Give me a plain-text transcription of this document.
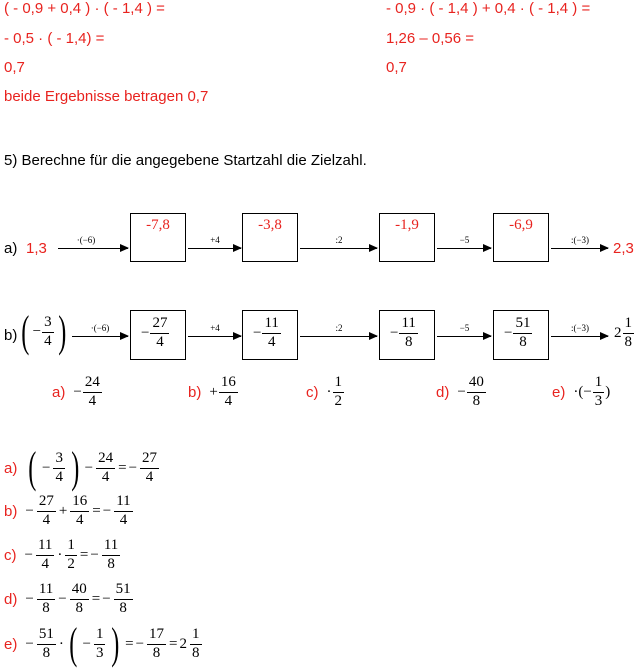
( - 0,9 + 0,4 ) · ( - 1,4 ) =
- 0,5 · ( - 1,4) =
0,7
beide Ergebnisse betragen 0,7
- 0,9 · ( - 1,4 ) + 0,4 · ( - 1,4 ) =
1,26 – 0,56 =
0,7
5) Berechne für die angegebene Startzahl die Zielzahl.
a) 1,3	·(−6)
-7,8
+4
-3,8
:2
-1,9
−5
-6,9
:(−3)	2,3
b) ( − $\frac{3}{4}$ )	·(−6)	− $\frac{27}{4}$	+4	− $\frac{11}{4}$	:2	− $\frac{11}{8}$	−5	− $\frac{51}{8}$	:(−3)	$2 \frac{1}{8}$
$a) - \frac{24}{4}$	$b) + \frac{16}{4}$	$c) \cdot \frac{1}{2}$	$d) - \frac{40}{8}$	e) ·(− $\frac{1}{3}$ )
a) ( − $\frac{3}{4}$ ) − $\frac{24}{4}$ = − $\frac{27}{4}$
$b) - \frac{27}{4} + \frac{16}{4}$ = − $\frac{11}{4}$
$c) - \frac{11}{4} \cdot \frac{1}{2}$ = − $\frac{11}{8}$
$d) - \frac{11}{8} - \frac{40}{8}$ = − $\frac{51}{8}$
$e) - \frac{51}{8}$ · ( − $\frac{1}{3}$ ) = − $\frac{17}{8} = 2 \frac{1}{8}$
